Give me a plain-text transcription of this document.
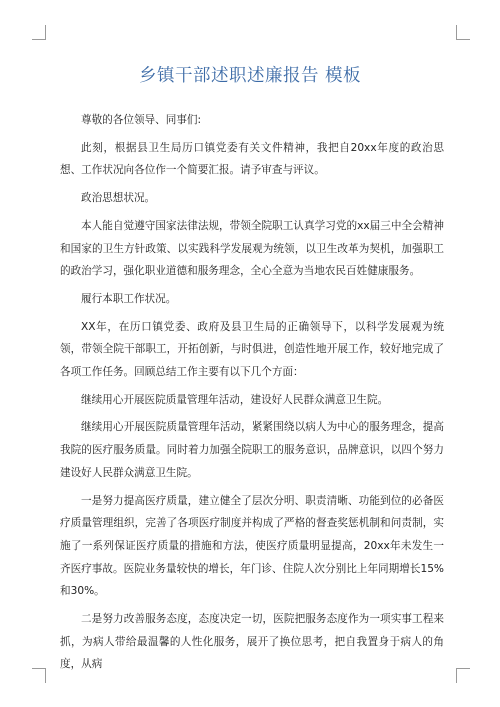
乡镇干部述职述廉报告 模板

尊敬的各位领导、同事们:

此刻，根据县卫生局历口镇党委有关文件精神，我把自20xx年度的政治思想、工作状况向各位作一个简要汇报。请予审查与评议。

政治思想状况。

本人能自觉遵守国家法律法规，带领全院职工认真学习党的xx届三中全会精神和国家的卫生方针政策、以实践科学发展观为统领，以卫生改革为契机，加强职工的政治学习，强化职业道德和服务理念，全心全意为当地农民百姓健康服务。

履行本职工作状况。

XX年，在历口镇党委、政府及县卫生局的正确领导下，以科学发展观为统领，带领全院干部职工，开拓创新，与时俱进，创造性地开展工作，较好地完成了各项工作任务。回顾总结工作主要有以下几个方面：

继续用心开展医院质量管理年活动，建设好人民群众满意卫生院。

继续用心开展医院质量管理年活动，紧紧围绕以病人为中心的服务理念，提高我院的医疗服务质量。同时着力加强全院职工的服务意识，品牌意识，以四个努力建设好人民群众满意卫生院。

一是努力提高医疗质量，建立健全了层次分明、职责清晰、功能到位的必备医疗质量管理组织，完善了各项医疗制度并构成了严格的督查奖惩机制和问责制，实施了一系列保证医疗质量的措施和方法，使医疗质量明显提高，20xx年未发生一齐医疗事故。医院业务量较快的增长，年门诊、住院人次分别比上年同期增长15%和30%。

二是努力改善服务态度，态度决定一切，医院把服务态度作为一项实事工程来抓，为病人带给最温馨的人性化服务，展开了换位思考，把自我置身于病人的角度，从病
